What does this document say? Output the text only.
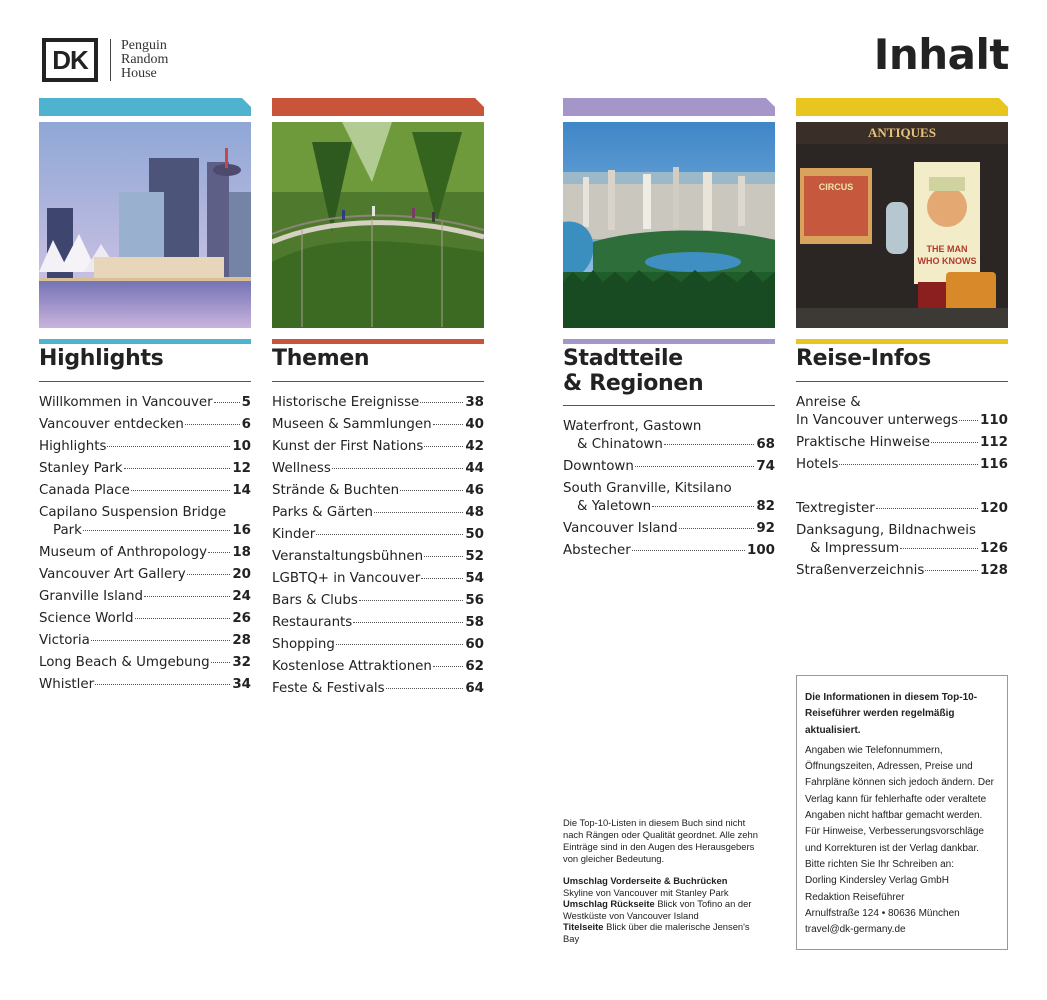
DK	Penguin
Random
House	Inhalt
Highlights
Willkommen in Vancouver 5
Vancouver entdecken	6
Highlights	10
Stanley Park	12
Canada Place	14
Capilano Suspension Bridge
Park	16
Museum of Anthropology 18
Vancouver Art Gallery	20
Granville Island	24
Science World	26
Victoria	28
Long Beach & Umgebung 32
Whistler	34
Themen
Historische Ereignisse	38
Museen & Sammlungen	40
Kunst der First Nations	42
Wellness	44
Strände & Buchten	46
Parks & Gärten	48
Kinder	50
Veranstaltungsbühnen	52
LGBTQ+ in Vancouver	54
Bars & Clubs	56
Restaurants	58
Shopping	60
Kostenlose Attraktionen 62
Feste & Festivals	64
Stadtteile
& Regionen
Waterfront, Gastown
& Chinatown	68
Downtown	74
South Granville, Kitsilano
& Yaletown	82
Vancouver Island	92
Abstecher	100
ANTIQUES
CIRCUS
THE MAN
WHO KNOWS
Reise-Infos
Anreise &
In Vancouver unterwegs 110
Praktische Hinweise	112
Hotels	116
Textregister	120
Danksagung, Bildnachweis
& Impressum	126
Straßenverzeichnis	128

Die Top-10-Listen in diesem Buch sind nicht nach Rängen oder Qualität geordnet. Alle zehn Einträge sind in den Augen des Herausgebers von gleicher Bedeutung.

Umschlag Vorderseite & Buchrücken
Skyline von Vancouver mit Stanley Park

Umschlag Rückseite Blick von Tofino an der Westküste von Vancouver Island

Titelseite Blick über die malerische Jensen's Bay

Die Informationen in diesem Top-10-Reiseführer werden regelmäßig aktualisiert.
Angaben wie Telefonnummern, Öffnungszeiten, Adressen, Preise und Fahrpläne können sich jedoch ändern. Der Verlag kann für fehlerhafte oder veraltete Angaben nicht haftbar gemacht werden. Für Hinweise, Verbesserungsvorschläge und Korrekturen ist der Verlag dankbar. Bitte richten Sie Ihr Schreiben an:
Dorling Kindersley Verlag GmbH
Redaktion Reiseführer
Arnulfstraße 124 • 80636 München
travel@dk-germany.de
